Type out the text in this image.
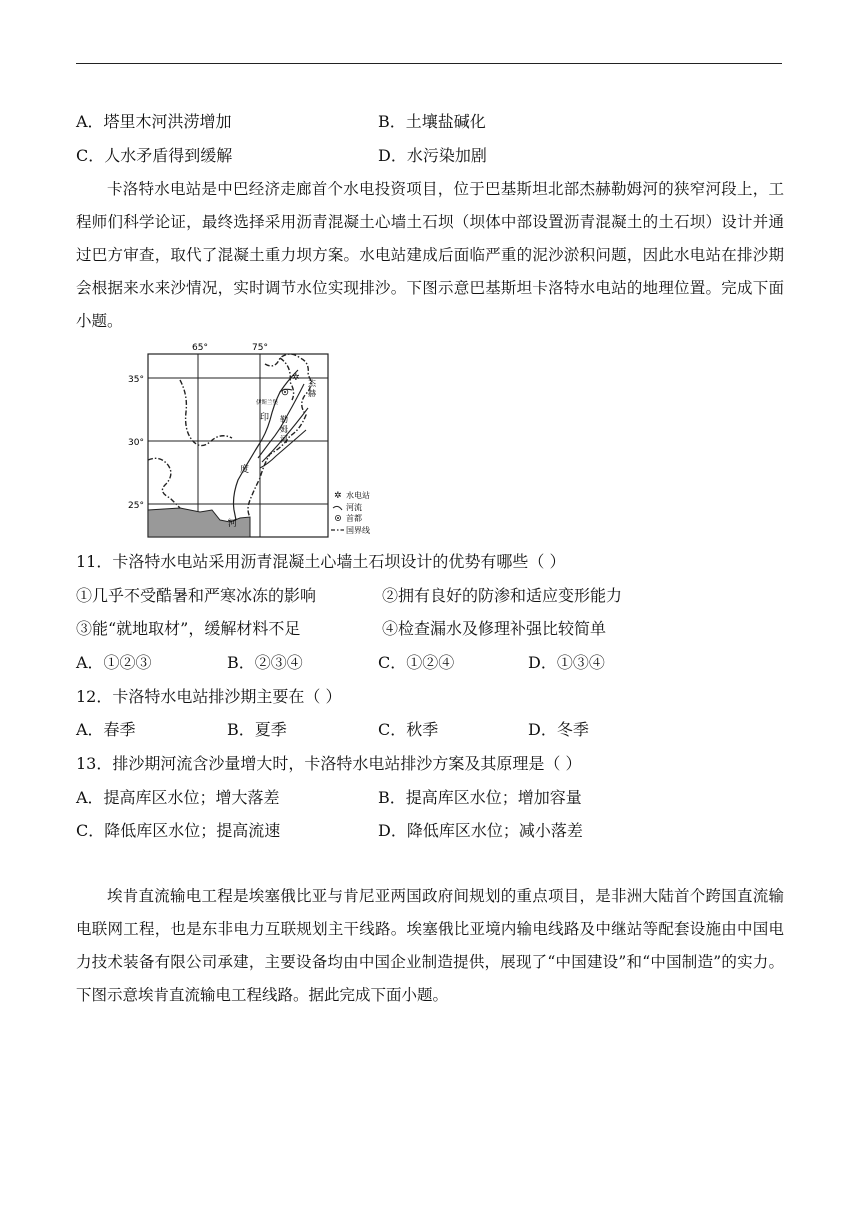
A．塔里木河洪涝增加	B．土壤盐碱化
C．人水矛盾得到缓解	D．水污染加剧

卡洛特水电站是中巴经济走廊首个水电投资项目，位于巴基斯坦北部杰赫勒姆河的狭窄河段上，工程师们科学论证，最终选择采用沥青混凝土心墙土石坝（坝体中部设置沥青混凝土的土石坝）设计并通过巴方审查，取代了混凝土重力坝方案。水电站建成后面临严重的泥沙淤积问题，因此水电站在排沙期会根据来水来沙情况，实时调节水位实现排沙。下图示意巴基斯坦卡洛特水电站的地理位置。完成下面小题。

65°	75°
35°
30°
25°
✲
伊斯兰堡
印
度
河
杰
赫
勒
姆
河
✲ 水电站
河流
首都
国界线
11．卡洛特水电站采用沥青混凝土心墙土石坝设计的优势有哪些（ ）
①几乎不受酷暑和严寒冰冻的影响	②拥有良好的防渗和适应变形能力
③能“就地取材”，缓解材料不足	④检查漏水及修理补强比较简单
A．①②③	B．②③④	C．①②④	D．①③④
12．卡洛特水电站排沙期主要在（ ）
A．春季	B．夏季	C．秋季	D．冬季
13．排沙期河流含沙量增大时，卡洛特水电站排沙方案及其原理是（ ）
A．提高库区水位；增大落差	B．提高库区水位；增加容量
C．降低库区水位；提高流速	D．降低库区水位；减小落差

埃肯直流输电工程是埃塞俄比亚与肯尼亚两国政府间规划的重点项目，是非洲大陆首个跨国直流输电联网工程，也是东非电力互联规划主干线路。埃塞俄比亚境内输电线路及中继站等配套设施由中国电力技术装备有限公司承建，主要设备均由中国企业制造提供，展现了“中国建设”和“中国制造”的实力。下图示意埃肯直流输电工程线路。据此完成下面小题。
